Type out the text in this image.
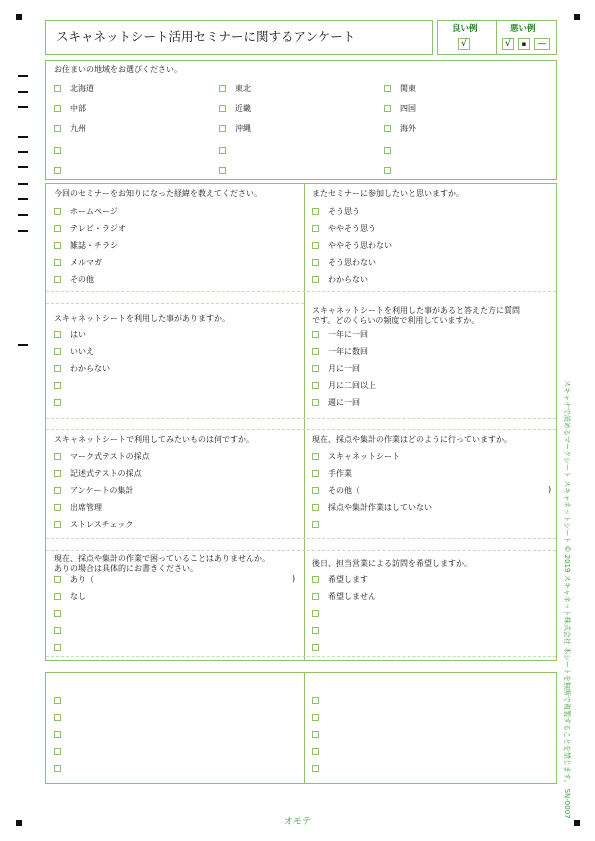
スキャネットシート活用セミナーに関するアンケート	良い例	悪い例
√	√	▪	—
お住まいの地域をお選びください。
北海道	東北	関東
中部	近畿	四国
九州	沖縄	海外
今回のセミナーをお知りになった経緯を教えてください。
ホームページ
テレビ・ラジオ
雑誌・チラシ
メルマガ
その他
またセミナーに参加したいと思いますか。
そう思う
ややそう思う
ややそう思わない
そう思わない
わからない
スキャネットシートを利用した事がありますか。
はい
いいえ
わからない
スキャネットシートを利用した事があると答えた方に質問
です。どのくらいの頻度で利用していますか。
一年に一回
一年に数回
月に一回
月に二回以上
週に一回
スキャネットシートで利用してみたいものは何ですか。
マーク式テストの採点
記述式テストの採点
アンケートの集計
出席管理
ストレスチェック
現在、採点や集計の作業はどのように行っていますか。
スキャネットシート
手作業
その他（	)
採点や集計作業はしていない
現在、採点や集計の作業で困っていることはありませんか。
ありの場合は具体的にお書きください。
あり（	)
なし
後日、担当営業による訪問を希望しますか。
希望します
希望しません	スキャナで読めるマークシート スキャネットシート © 2019 スキャネット株式会社 本シートを無断で複製することを禁じます。 SN-0007
オモテ
